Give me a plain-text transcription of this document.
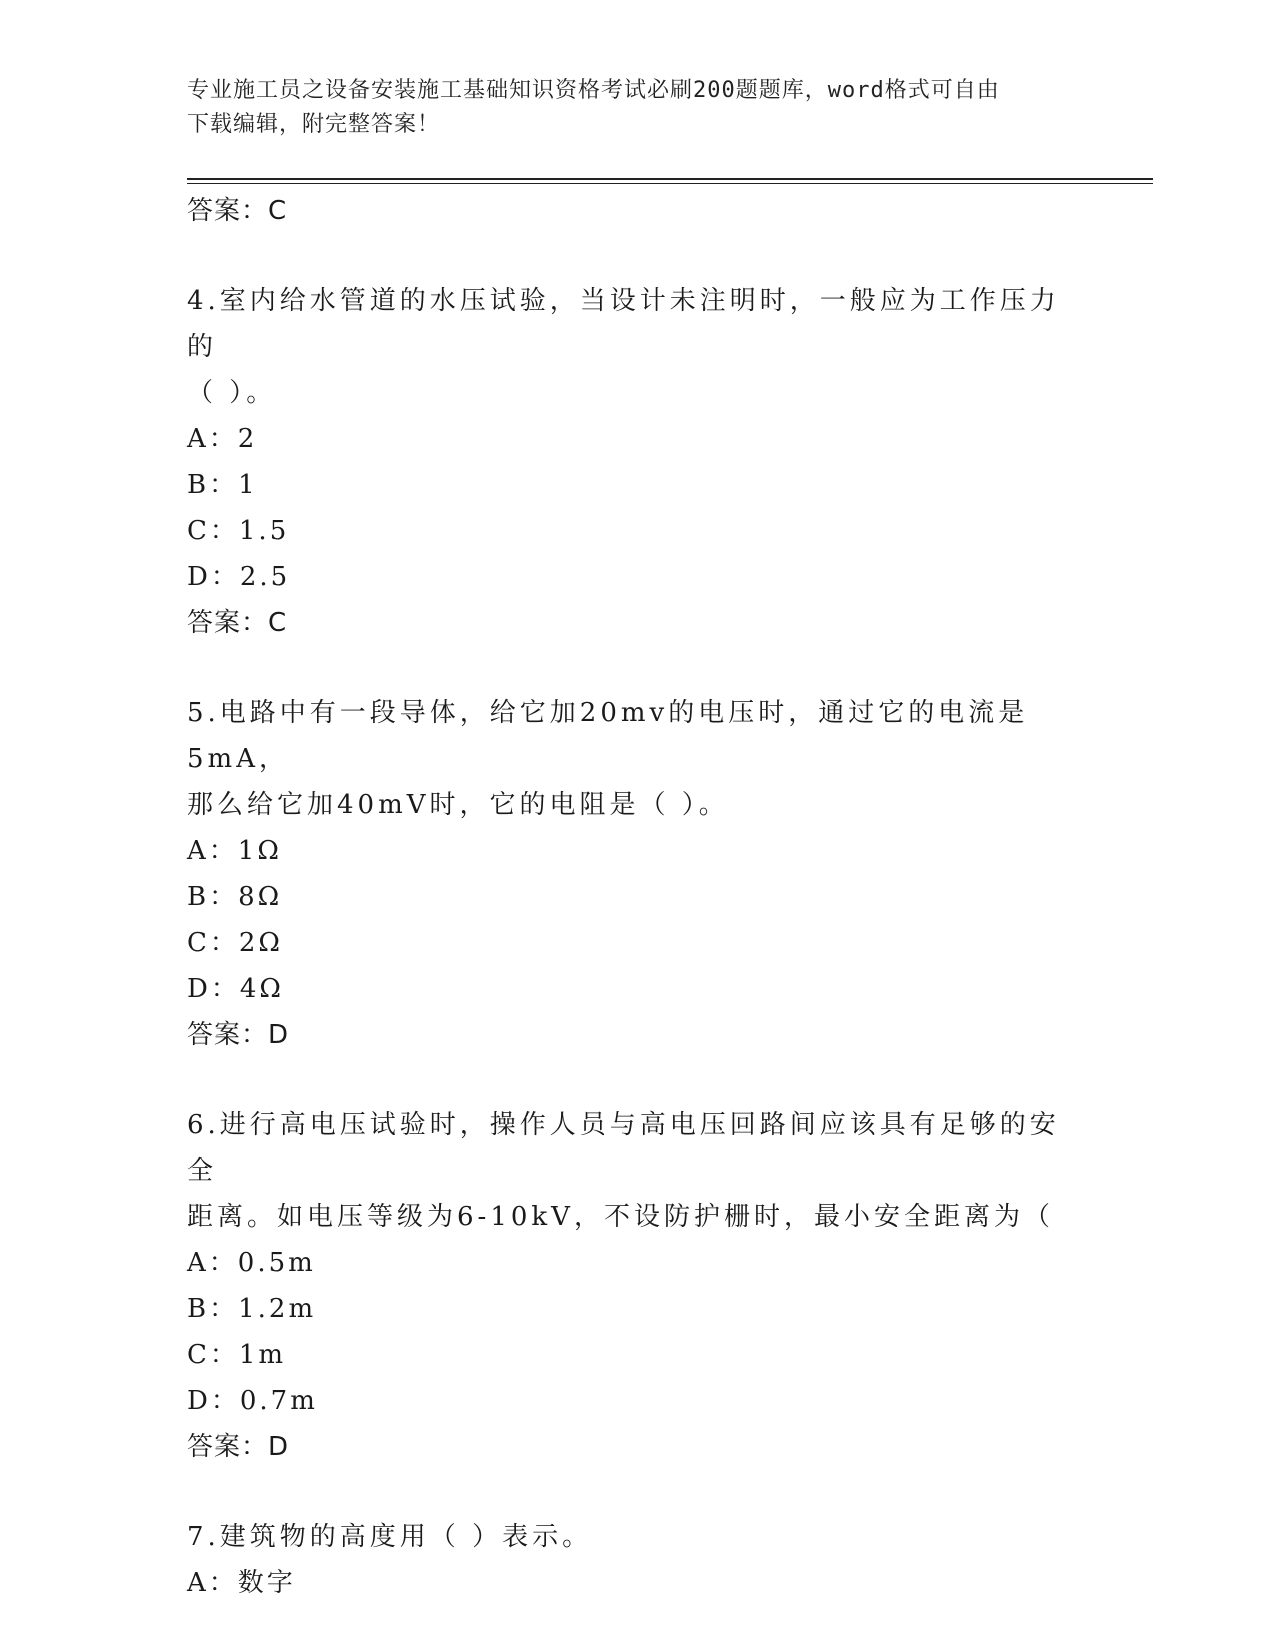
专业施工员之设备安装施工基础知识资格考试必刷200题题库，word格式可自由
下载编辑，附完整答案！
答案：C
4.室内给水管道的水压试验，当设计未注明时，一般应为工作压力的
（ ）。
A：2
B：1
C：1.5
D：2.5
答案：C
5.电路中有一段导体，给它加20mv的电压时，通过它的电流是5mA，
那么给它加40mV时，它的电阻是（ ）。
A：1Ω
B：8Ω
C：2Ω
D：4Ω
答案：D
6.进行高电压试验时，操作人员与高电压回路间应该具有足够的安全
距离。如电压等级为6-10kV，不设防护栅时，最小安全距离为（
A：0.5m
B：1.2m
C：1m
D：0.7m
答案：D
7.建筑物的高度用（ ）表示。
A：数字
